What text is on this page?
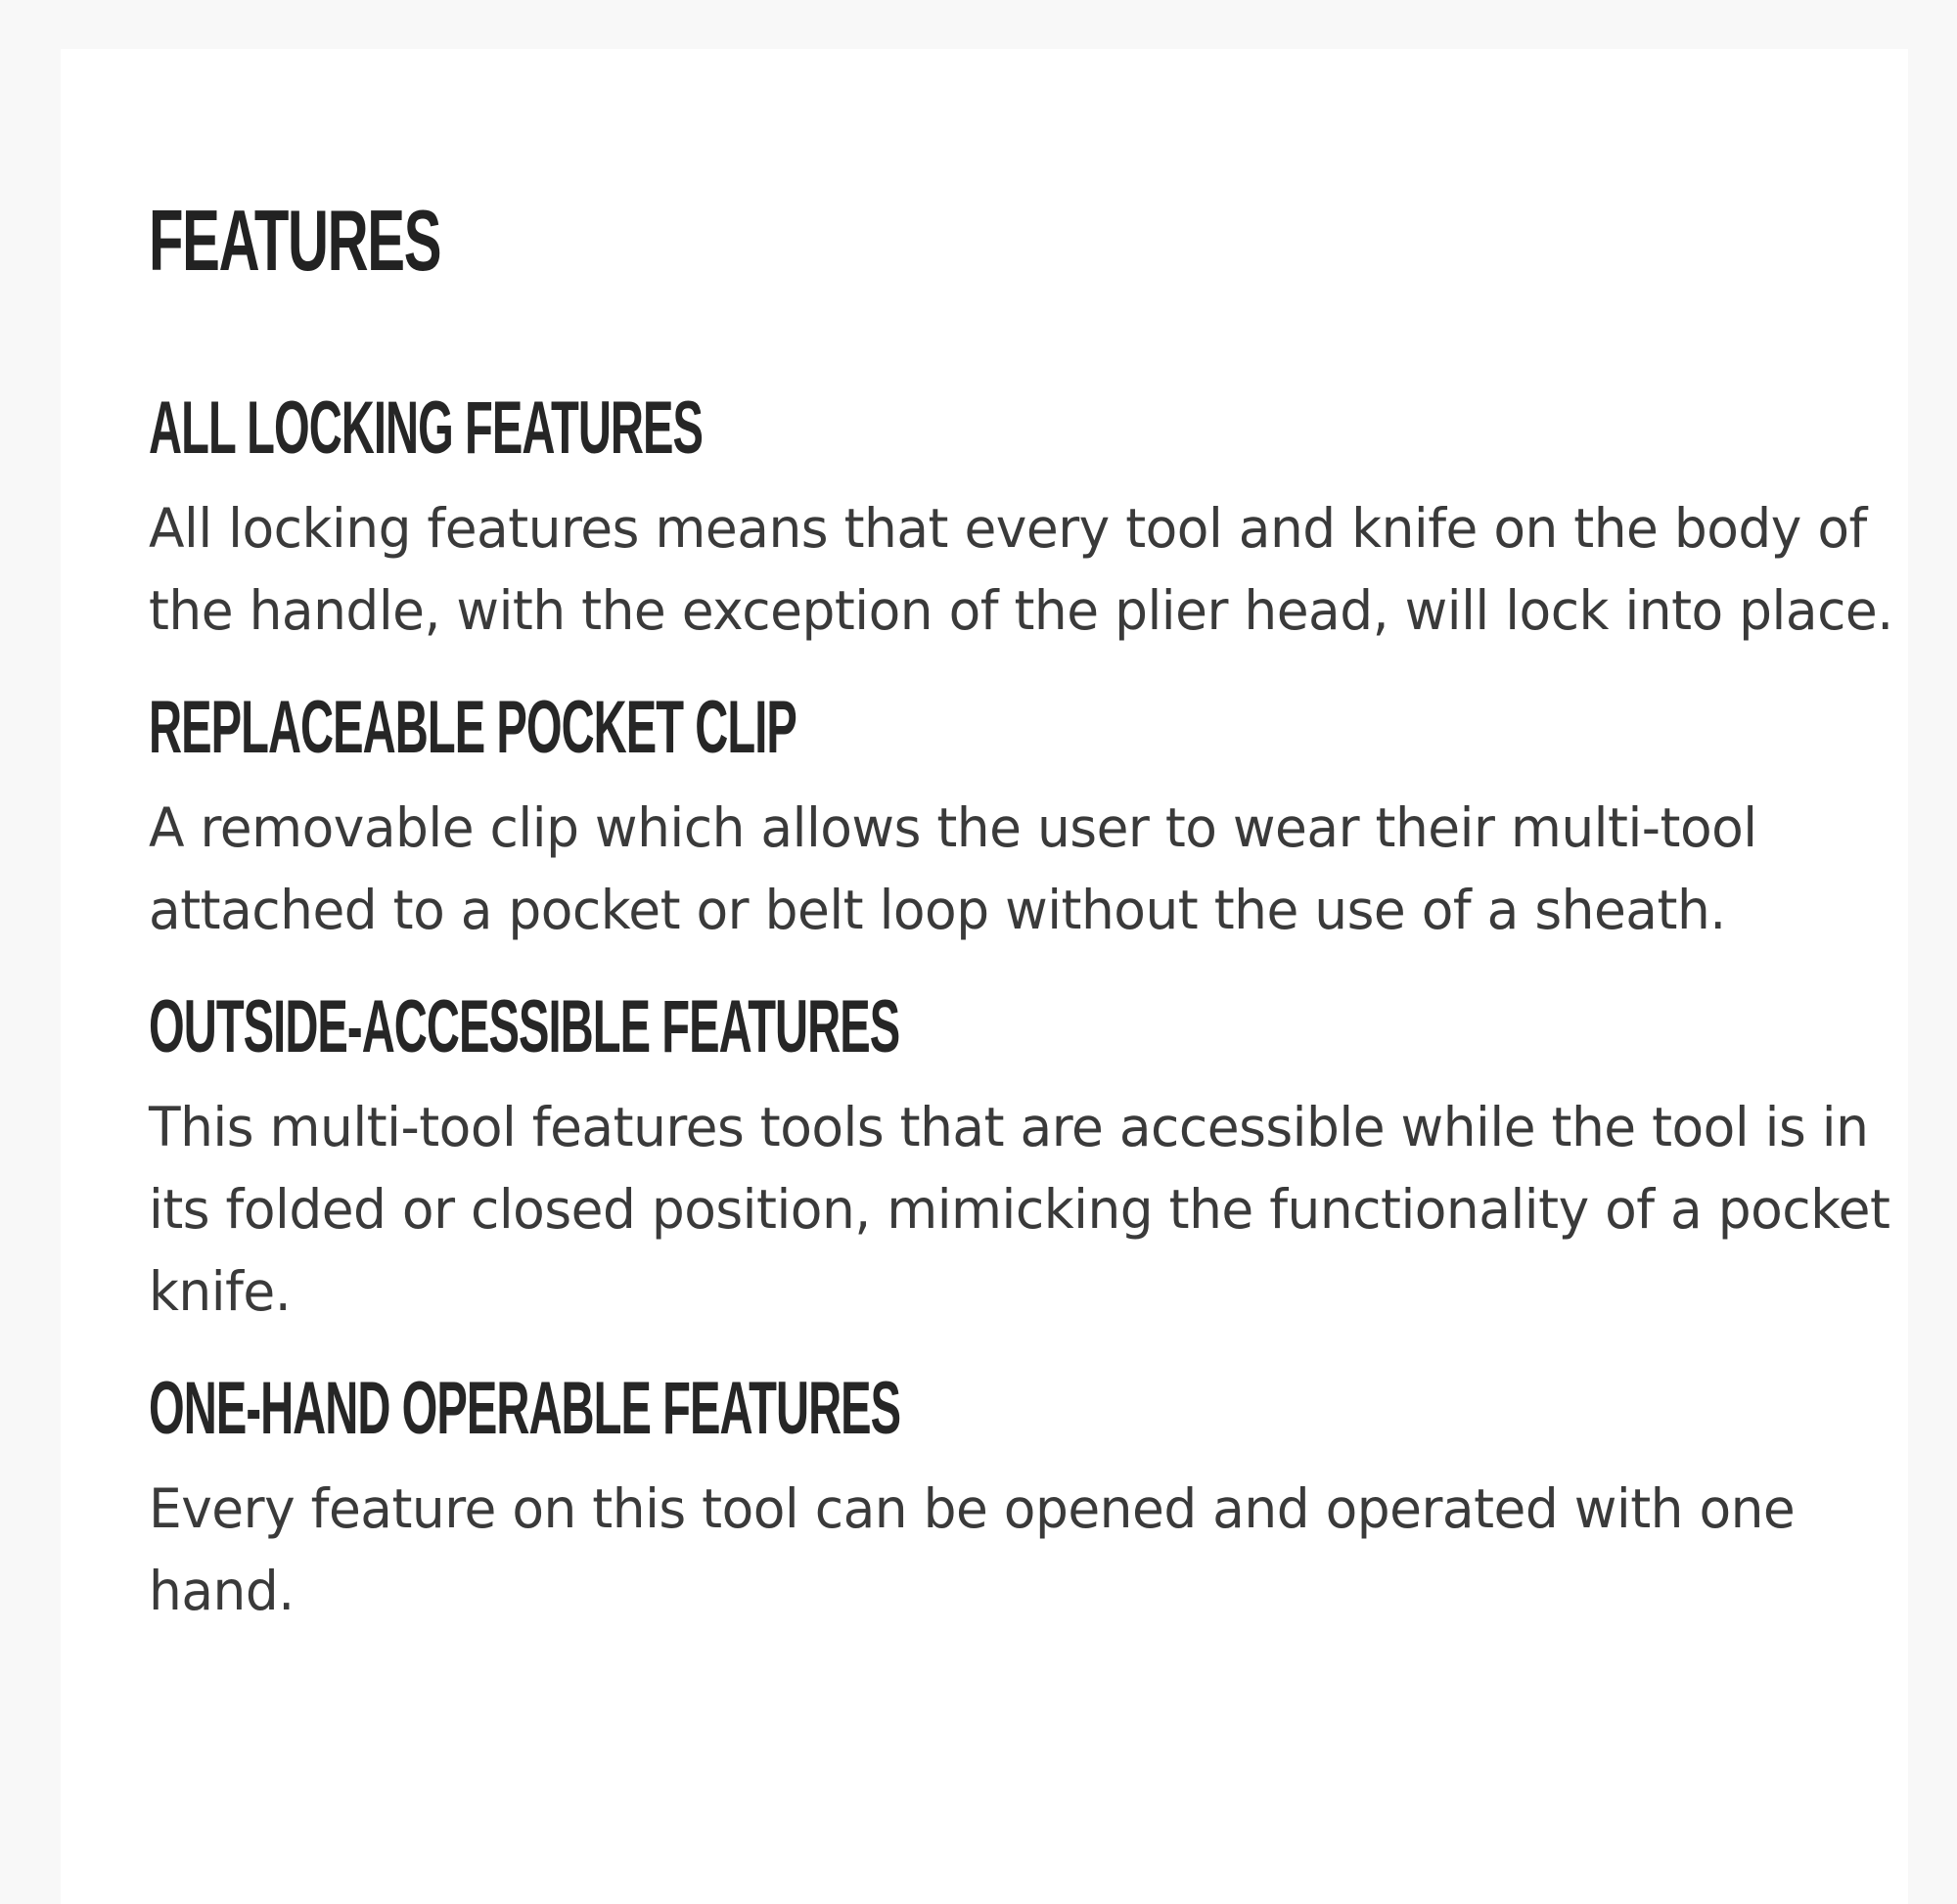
FEATURES
ALL LOCKING FEATURES

All locking features means that every tool and knife on the body of the handle, with the exception of the plier head, will lock into place.

REPLACEABLE POCKET CLIP

A removable clip which allows the user to wear their multi-tool attached to a pocket or belt loop without the use of a sheath.

OUTSIDE-ACCESSIBLE FEATURES

This multi-tool features tools that are accessible while the tool is in its folded or closed position, mimicking the functionality of a pocket knife.

ONE-HAND OPERABLE FEATURES

Every feature on this tool can be opened and operated with one hand.
